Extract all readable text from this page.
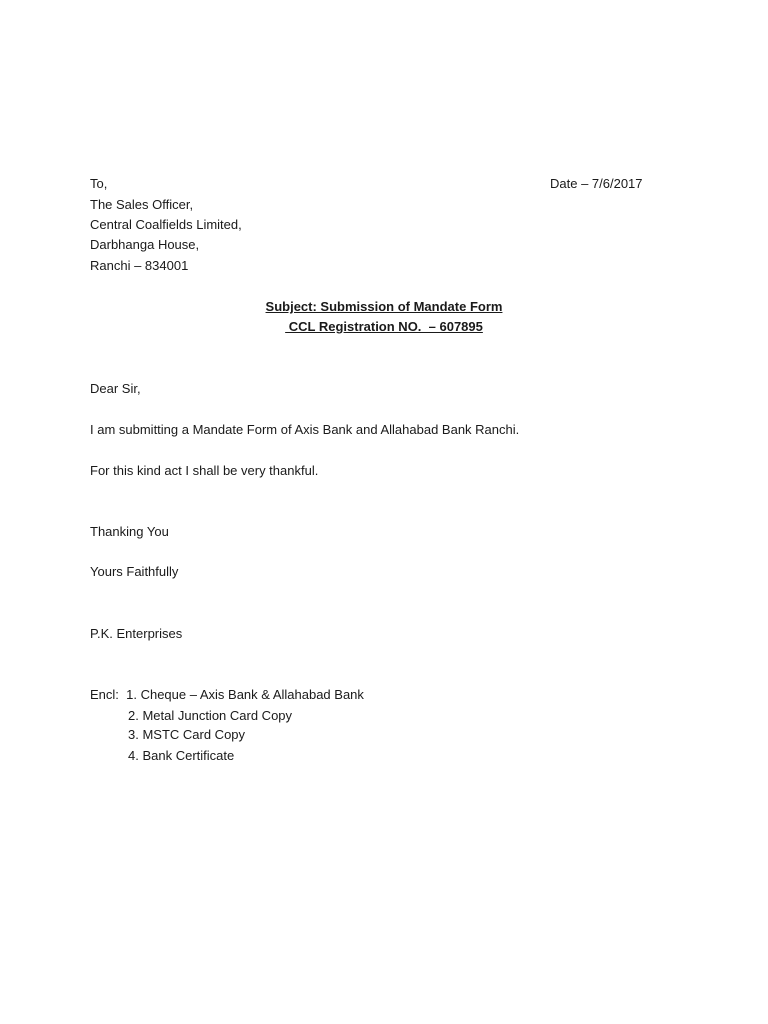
Date – 7/6/2017
To,
The Sales Officer,
Central Coalfields Limited,
Darbhanga House,
Ranchi – 834001
Subject: Submission of Mandate Form
CCL Registration NO.  – 607895
Dear Sir,
I am submitting a Mandate Form of Axis Bank and Allahabad Bank Ranchi.
For this kind act I shall be very thankful.
Thanking You
Yours Faithfully
P.K. Enterprises
Encl:  1. Cheque – Axis Bank & Allahabad Bank
2. Metal Junction Card Copy
3. MSTC Card Copy
4. Bank Certificate
